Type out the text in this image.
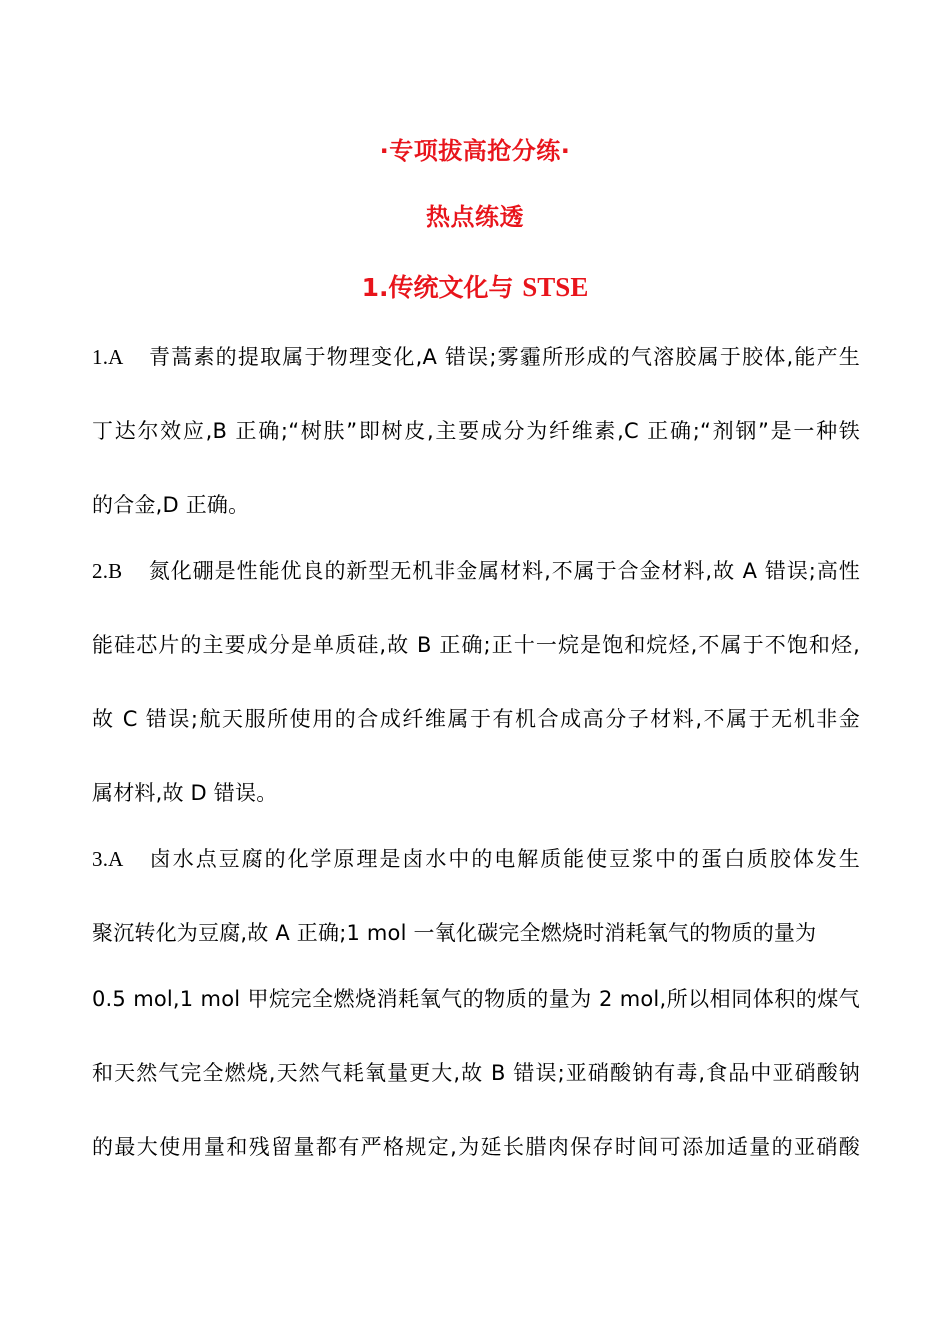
·专项拔高抢分练·
热点练透
1.传统文化与 STSE
1.A 青蒿素的提取属于物理变化,A 错误;雾霾所形成的气溶胶属于胶体,能产生
丁达尔效应,B 正确;“树肤”即树皮,主要成分为纤维素,C 正确;“剂钢”是一种铁
的合金,D 正确。
2.B 氮化硼是性能优良的新型无机非金属材料,不属于合金材料,故 A 错误;高性
能硅芯片的主要成分是单质硅,故 B 正确;正十一烷是饱和烷烃,不属于不饱和烃,
故 C 错误;航天服所使用的合成纤维属于有机合成高分子材料,不属于无机非金
属材料,故 D 错误。
3.A 卤水点豆腐的化学原理是卤水中的电解质能使豆浆中的蛋白质胶体发生
聚沉转化为豆腐,故 A 正确;1 mol 一氧化碳完全燃烧时消耗氧气的物质的量为
0.5 mol,1 mol 甲烷完全燃烧消耗氧气的物质的量为 2 mol,所以相同体积的煤气
和天然气完全燃烧,天然气耗氧量更大,故 B 错误;亚硝酸钠有毒,食品中亚硝酸钠
的最大使用量和残留量都有严格规定,为延长腊肉保存时间可添加适量的亚硝酸
